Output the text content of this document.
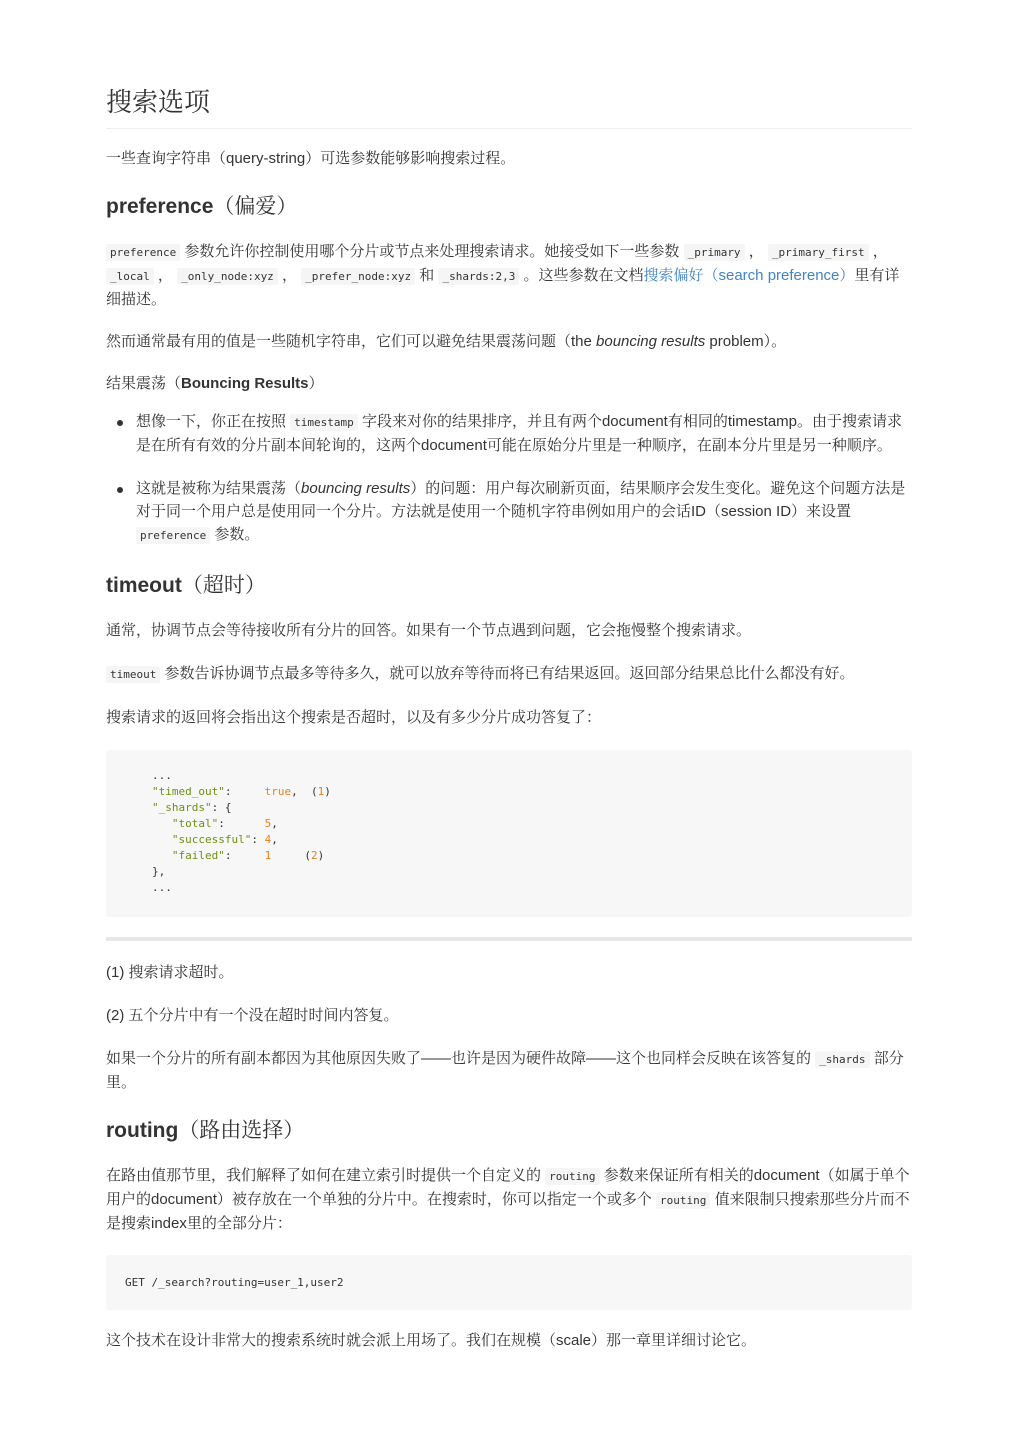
搜索选项

一些查询字符串（query-string）可选参数能够影响搜索过程。

preference（偏爱）

preference 参数允许你控制使用哪个分片或节点来处理搜索请求。她接受如下一些参数 _primary ， _primary_first ， _local ， _only_node:xyz ， _prefer_node:xyz 和 _shards:2,3 。这些参数在文档搜索偏好（search preference）里有详细描述。

然而通常最有用的值是一些随机字符串，它们可以避免结果震荡问题（the bouncing results problem）。

结果震荡（Bouncing Results）

想像一下，你正在按照 timestamp 字段来对你的结果排序，并且有两个document有相同的timestamp。由于搜索请求是在所有有效的分片副本间轮询的，这两个document可能在原始分片里是一种顺序，在副本分片里是另一种顺序。
这就是被称为结果震荡（bouncing results）的问题：用户每次刷新页面，结果顺序会发生变化。避免这个问题方法是对于同一个用户总是使用同一个分片。方法就是使用一个随机字符串例如用户的会话ID（session ID）来设置 preference 参数。
timeout（超时）

通常，协调节点会等待接收所有分片的回答。如果有一个节点遇到问题，它会拖慢整个搜索请求。

timeout 参数告诉协调节点最多等待多久，就可以放弃等待而将已有结果返回。返回部分结果总比什么都没有好。

搜索请求的返回将会指出这个搜索是否超时，以及有多少分片成功答复了：

...
"timed_out":     true,  (1)
"_shards": {
"total":      5,
"successful": 4,
"failed":     1     (2)
},
...

(1) 搜索请求超时。

(2) 五个分片中有一个没在超时时间内答复。

如果一个分片的所有副本都因为其他原因失败了——也许是因为硬件故障——这个也同样会反映在该答复的 _shards 部分里。

routing（路由选择）

在路由值那节里，我们解释了如何在建立索引时提供一个自定义的 routing 参数来保证所有相关的document（如属于单个用户的document）被存放在一个单独的分片中。在搜索时，你可以指定一个或多个 routing 值来限制只搜索那些分片而不是搜索index里的全部分片：

GET /_search?routing=user_1,user2

这个技术在设计非常大的搜索系统时就会派上用场了。我们在规模（scale）那一章里详细讨论它。
